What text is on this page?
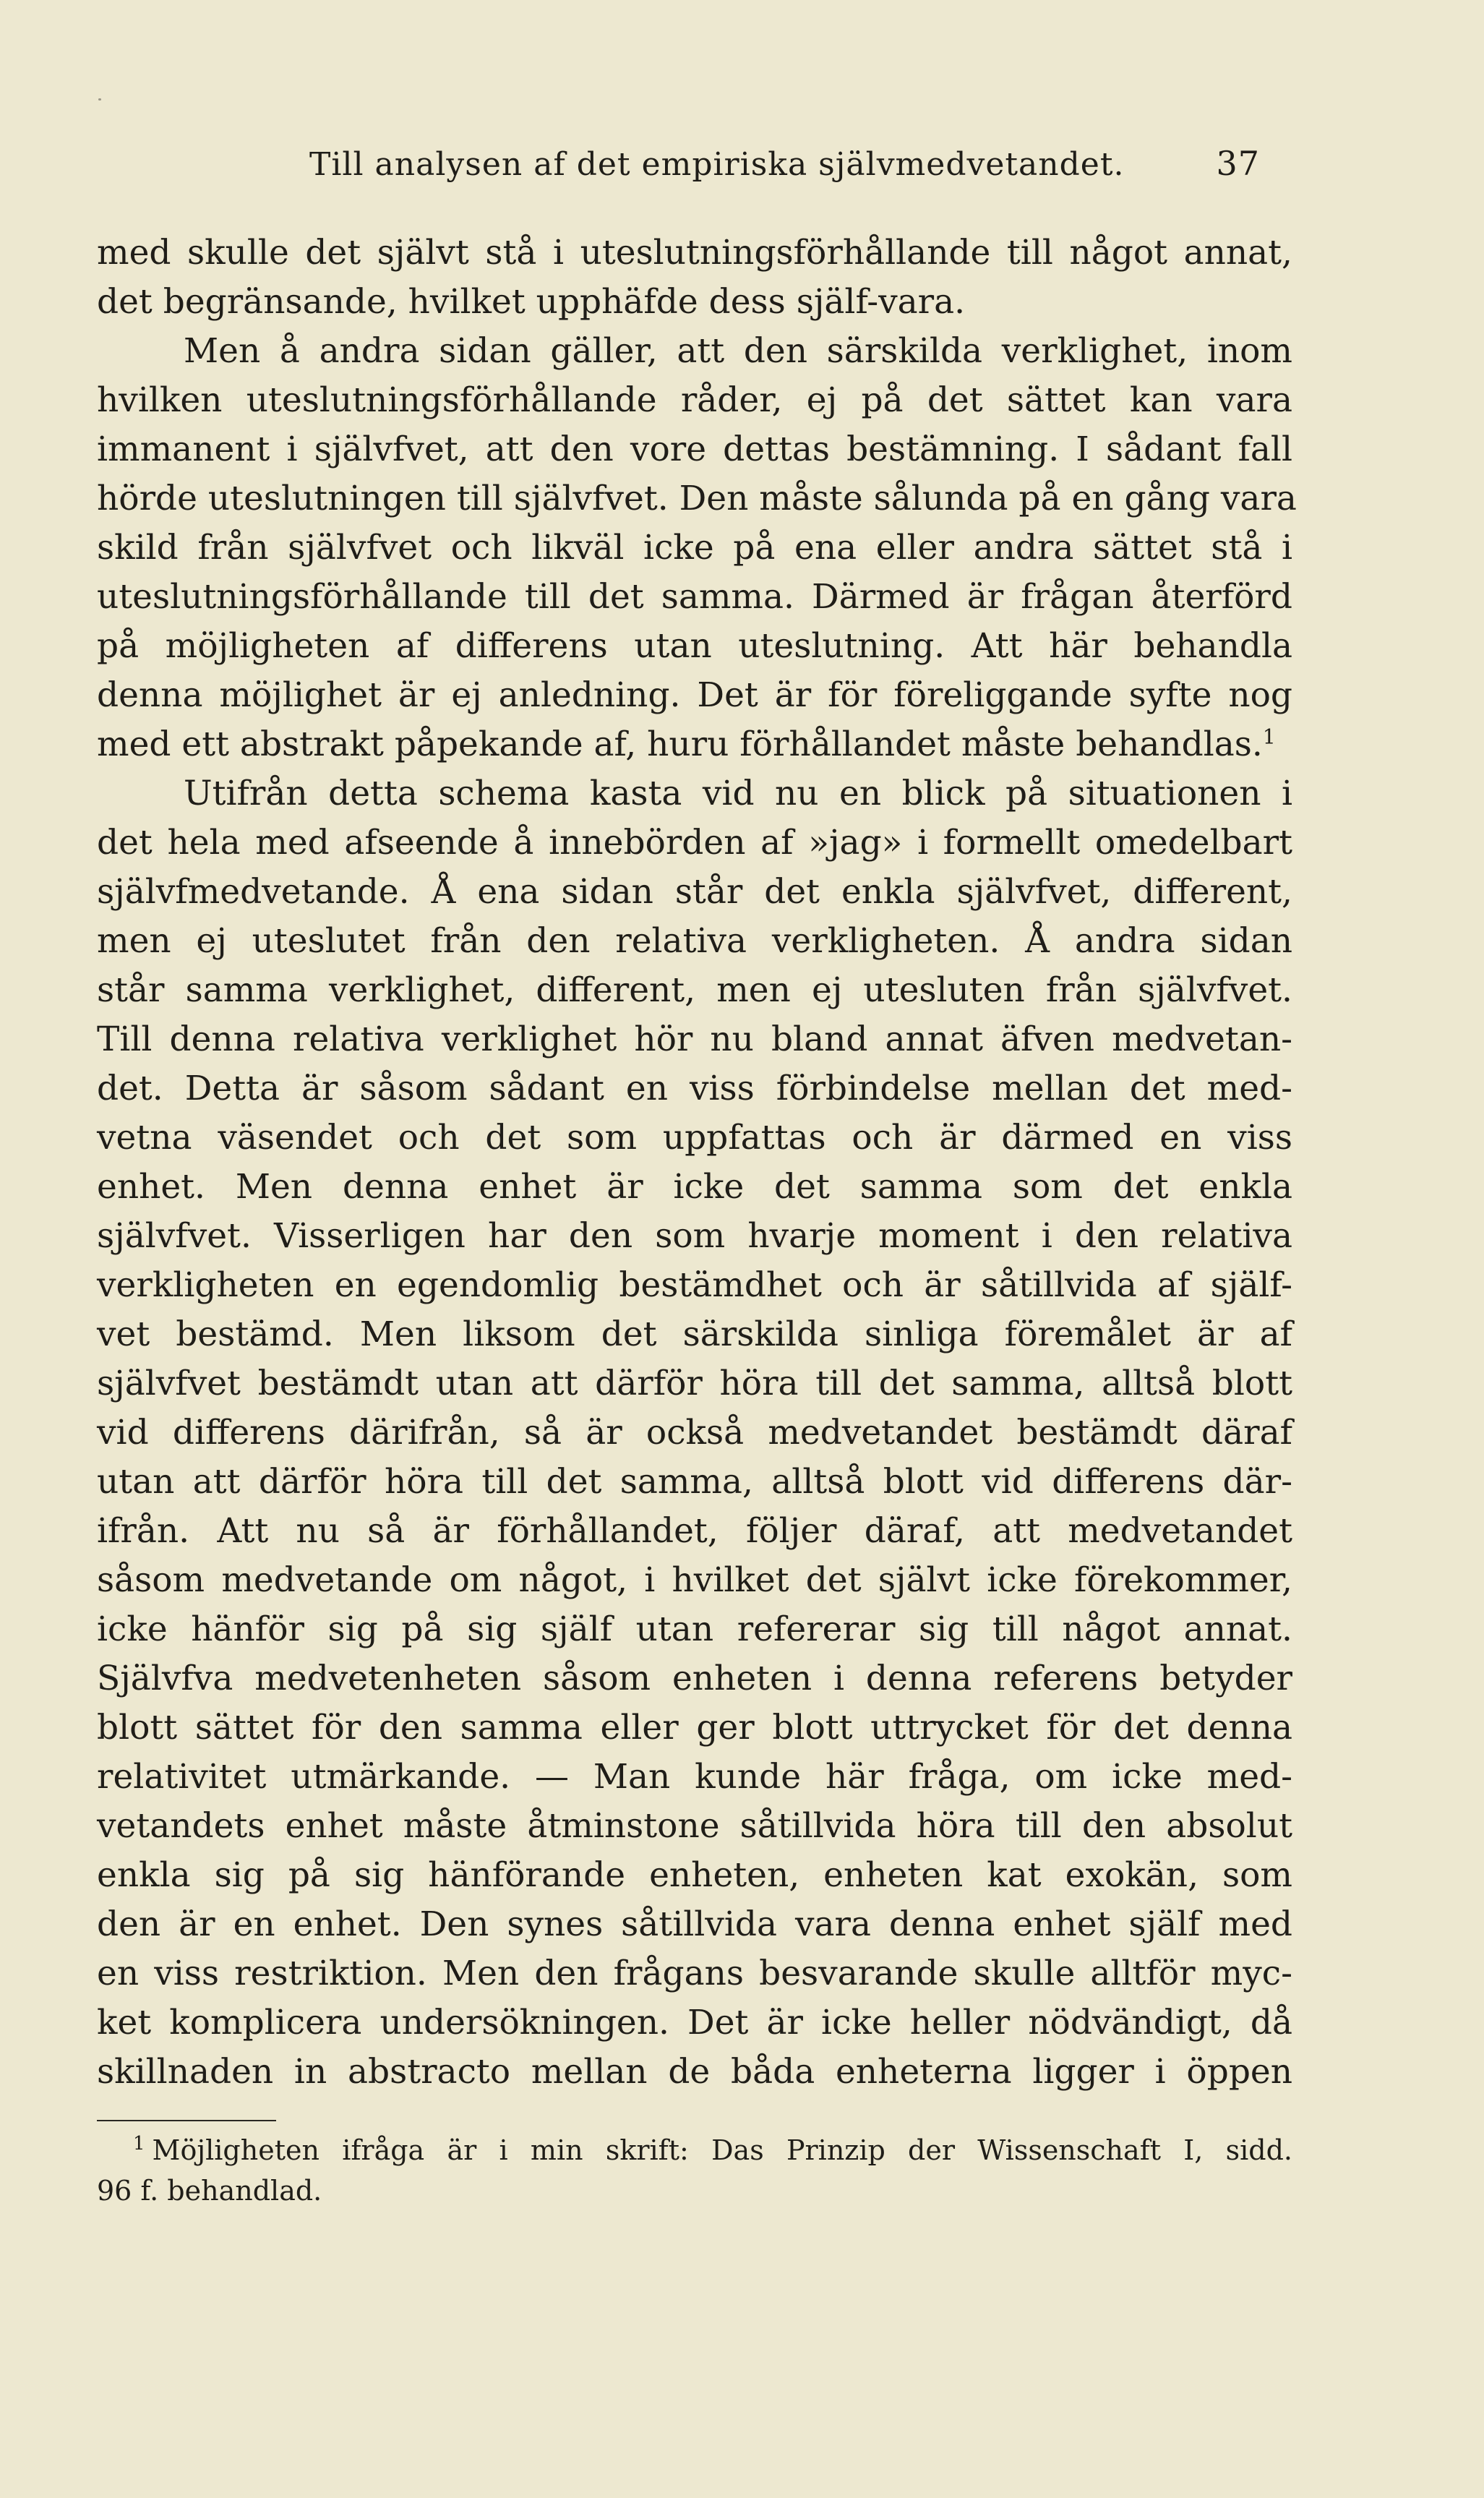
Till analysen af det empiriska självmedvetandet.	37
med skulle det självt stå i uteslutningsförhållande till något annat,
det begränsande, hvilket upphäfde dess själf-vara.
Men å andra sidan gäller, att den särskilda verklighet, inom
hvilken uteslutningsförhållande råder, ej på det sättet kan vara
immanent i självfvet, att den vore dettas bestämning. I sådant fall
hörde uteslutningen till självfvet. Den måste sålunda på en gång vara
skild från självfvet och likväl icke på ena eller andra sättet stå i
uteslutningsförhållande till det samma. Därmed är frågan återförd
på möjligheten af differens utan uteslutning. Att här behandla
denna möjlighet är ej anledning. Det är för föreliggande syfte nog
med ett abstrakt påpekande af, huru förhållandet måste behandlas.$^1$
Utifrån detta schema kasta vid nu en blick på situationen i
det hela med afseende å innebörden af »jag» i formellt omedelbart
självfmedvetande. Å ena sidan står det enkla självfvet, different,
men ej uteslutet från den relativa verkligheten. Å andra sidan
står samma verklighet, different, men ej utesluten från självfvet.
Till denna relativa verklighet hör nu bland annat äfven medvetan-
det. Detta är såsom sådant en viss förbindelse mellan det med-
vetna väsendet och det som uppfattas och är därmed en viss
enhet. Men denna enhet är icke det samma som det enkla
självfvet. Visserligen har den som hvarje moment i den relativa
verkligheten en egendomlig bestämdhet och är såtillvida af själf-
vet bestämd. Men liksom det särskilda sinliga föremålet är af
självfvet bestämdt utan att därför höra till det samma, alltså blott
vid differens därifrån, så är också medvetandet bestämdt däraf
utan att därför höra till det samma, alltså blott vid differens där-
ifrån. Att nu så är förhållandet, följer däraf, att medvetandet
såsom medvetande om något, i hvilket det självt icke förekommer,
icke hänför sig på sig själf utan refererar sig till något annat.
Självfva medvetenheten såsom enheten i denna referens betyder
blott sättet för den samma eller ger blott uttrycket för det denna
relativitet utmärkande. — Man kunde här fråga, om icke med-
vetandets enhet måste åtminstone såtillvida höra till den absolut
enkla sig på sig hänförande enheten, enheten kat exokän, som
den är en enhet. Den synes såtillvida vara denna enhet själf med
en viss restriktion. Men den frågans besvarande skulle alltför myc-
ket komplicera undersökningen. Det är icke heller nödvändigt, då
skillnaden in abstracto mellan de båda enheterna ligger i öppen
$^1$ Möjligheten ifråga är i min skrift: Das Prinzip der Wissenschaft I, sidd.
96 f. behandlad.
